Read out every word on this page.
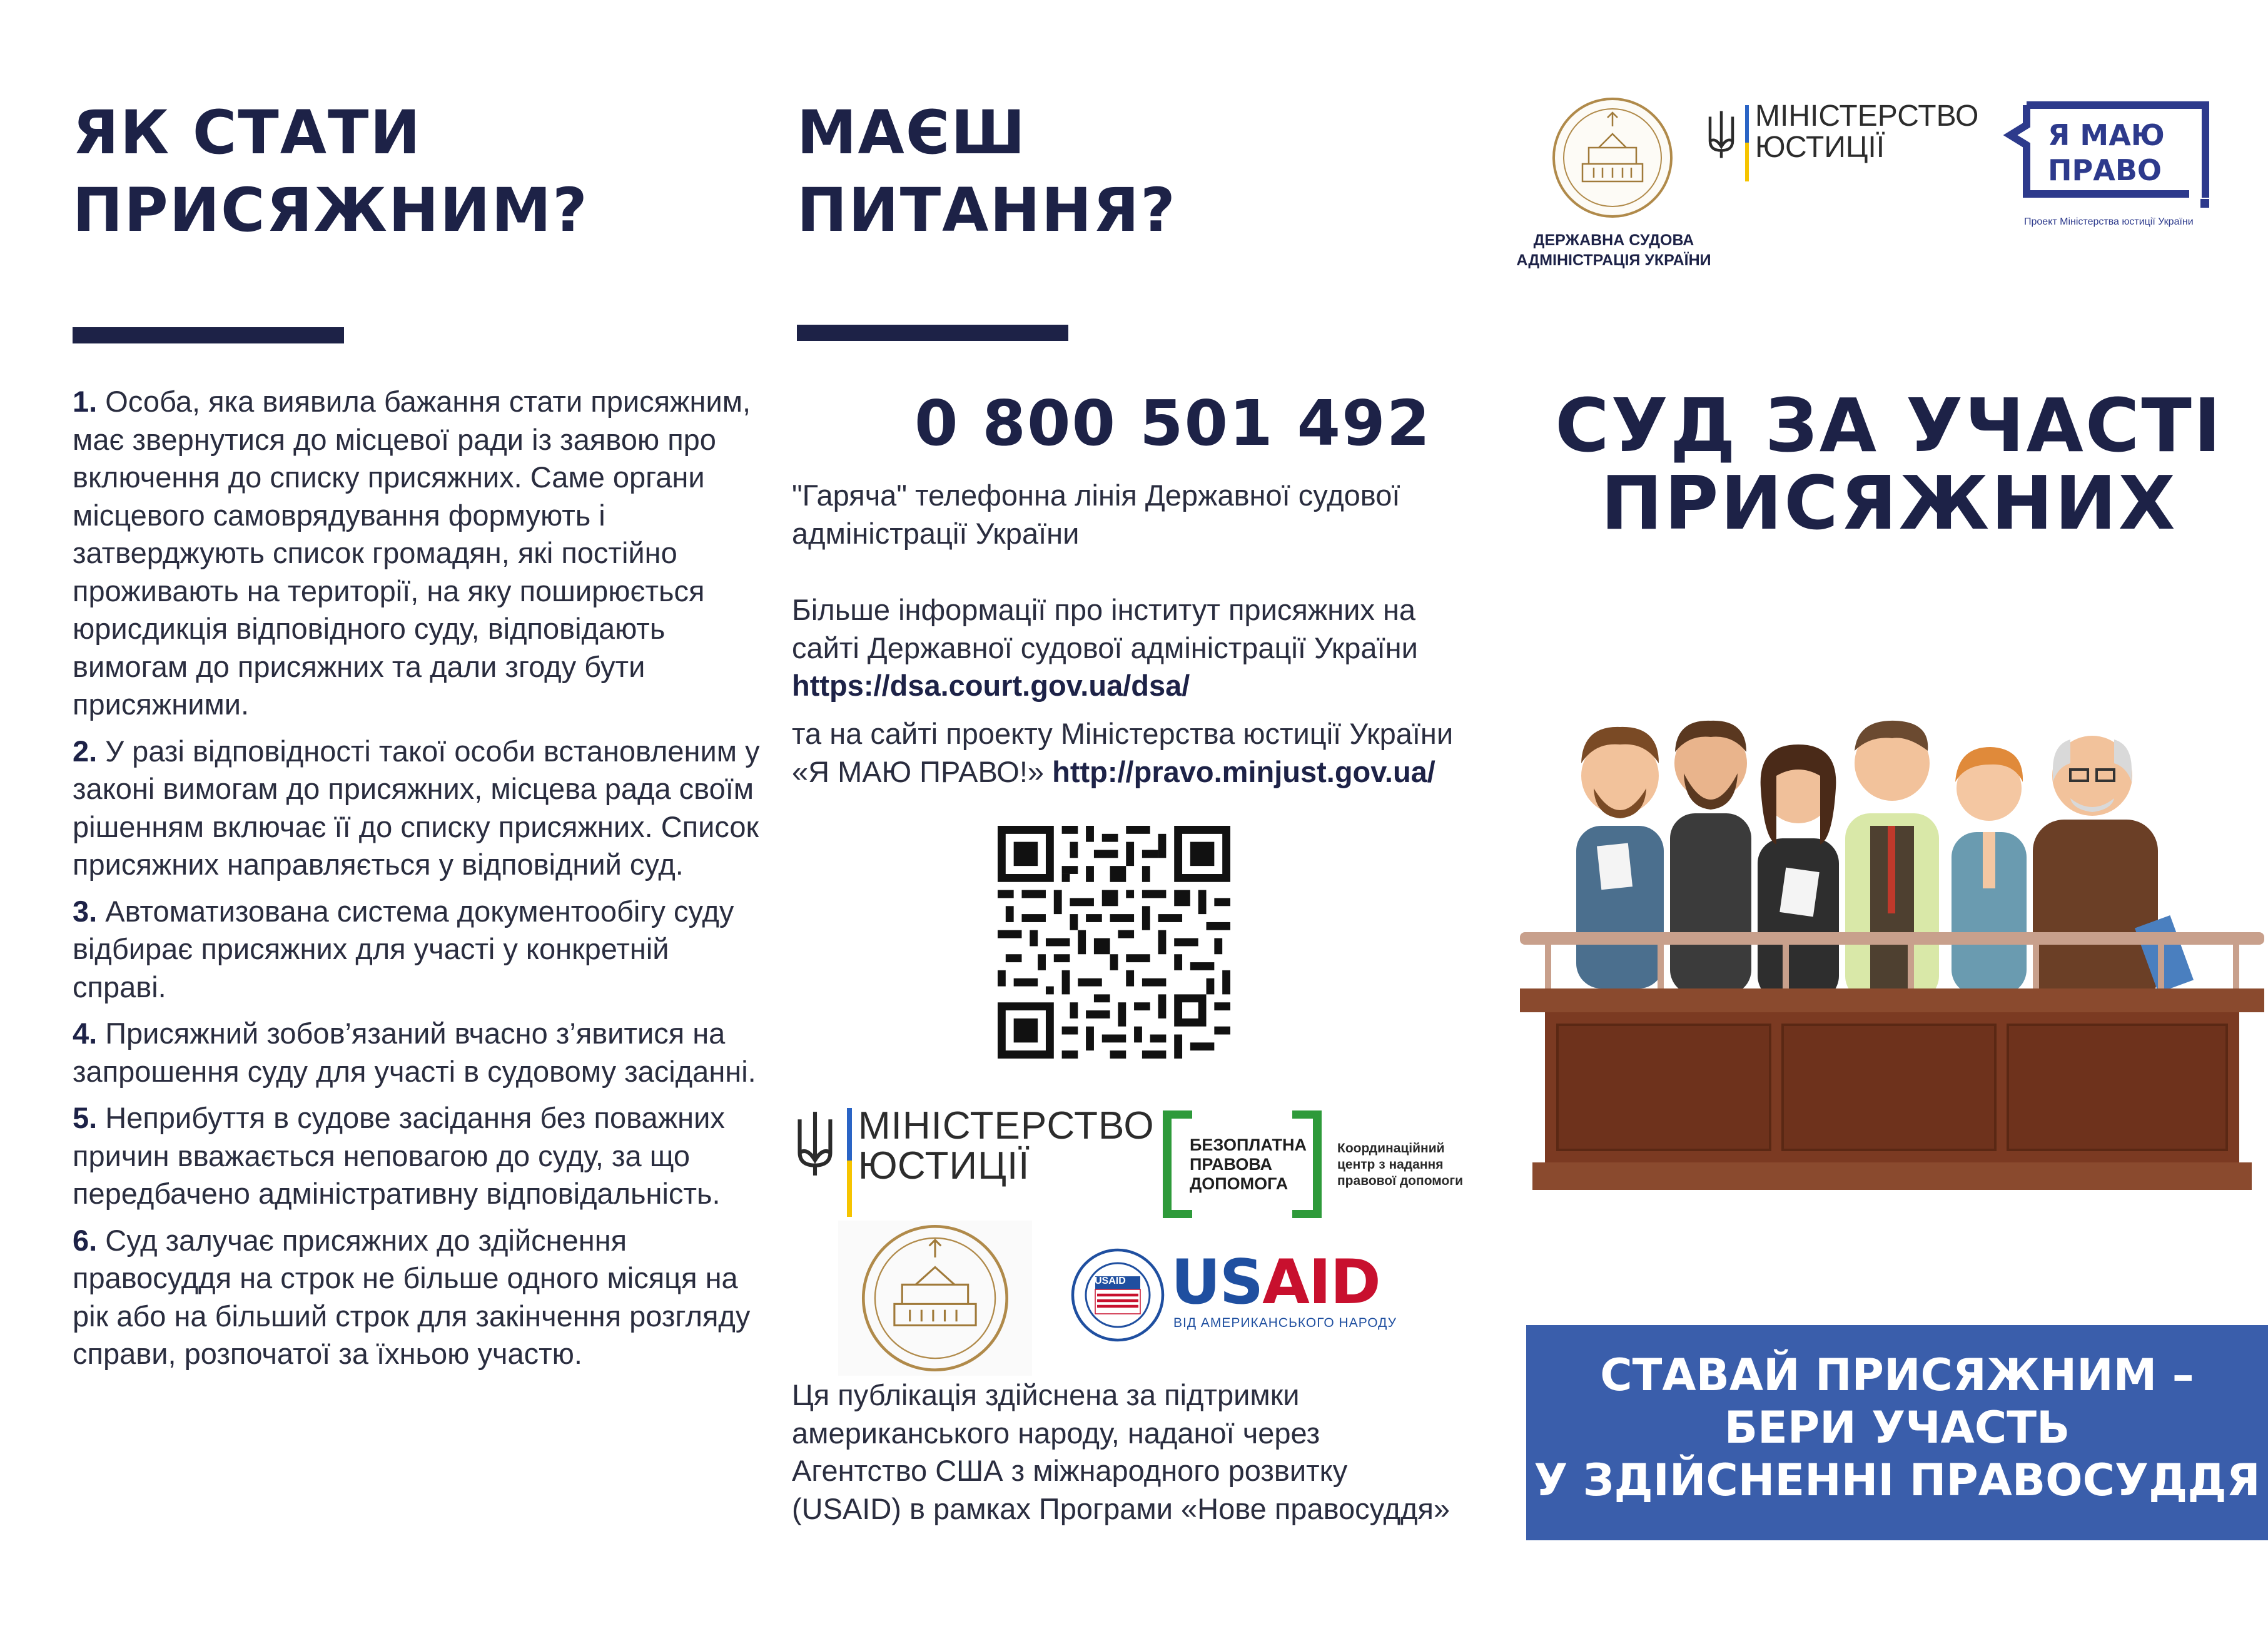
ЯК СТАТИ
ПРИСЯЖНИМ?

1. Особа, яка виявила бажання стати присяжним, має звернутися до місцевої ради із заявою про включення до списку присяжних. Саме органи місцевого самоврядування формують і затверджують список громадян, які постійно проживають на території, на яку поширюється юрисдикція відповідного суду, відповідають вимогам до присяжних та дали згоду бути присяжними.

2. У разі відповідності такої особи встановленим у законі вимогам до присяжних, місцева рада своїм рішенням включає її до списку присяжних. Список присяжних направляється у відповідний суд.

3. Автоматизована система документообігу суду відбирає присяжних для участі у конкретній справі.

4. Присяжний зобов’язаний вчасно з’явитися на запрошення суду для участі в судовому засіданні.

5. Неприбуття в судове засідання без поважних причин вважається неповагою до суду, за що передбачено адміністративну відповідальність.

6. Суд залучає присяжних до здійснення правосуддя на строк не більше одного місяця на рік або на більший строк для закінчення розгляду справи, розпочатої за їхньою участю.

МАЄШ
ПИТАННЯ?
0 800 501 492
"Гаряча" телефонна лінія Державної судової
адміністрації України
Більше інформації про інститут присяжних на
сайті Державної судової адміністрації України
https://dsa.court.gov.ua/dsa/
та на сайті проекту Міністерства юстиції України
«Я МАЮ ПРАВО!» http://pravo.minjust.gov.ua/
МІНІСТЕРСТВО
ЮСТИЦІЇ	БЕЗОПЛАТНА
ПРАВОВА
ДОПОМОГА
Координаційний
центр з надання
правової допомоги
USAID USAID
ВІД АМЕРИКАНСЬКОГО НАРОДУ
Ця публікація здійснена за підтримки
американського народу, наданої через
Агентство США з міжнародного розвитку
(USAID) в рамках Програми «Нове правосуддя»
ДЕРЖАВНА СУДОВА
АДМІНІСТРАЦІЯ УКРАЇНИ
МІНІСТЕРСТВО
ЮСТИЦІЇ	Я МАЮ
ПРАВО
Проект Міністерства юстиції України
СУД ЗА УЧАСТІ
ПРИСЯЖНИХ
СТАВАЙ ПРИСЯЖНИМ –
БЕРИ УЧАСТЬ
У ЗДІЙСНЕННІ ПРАВОСУДДЯ
